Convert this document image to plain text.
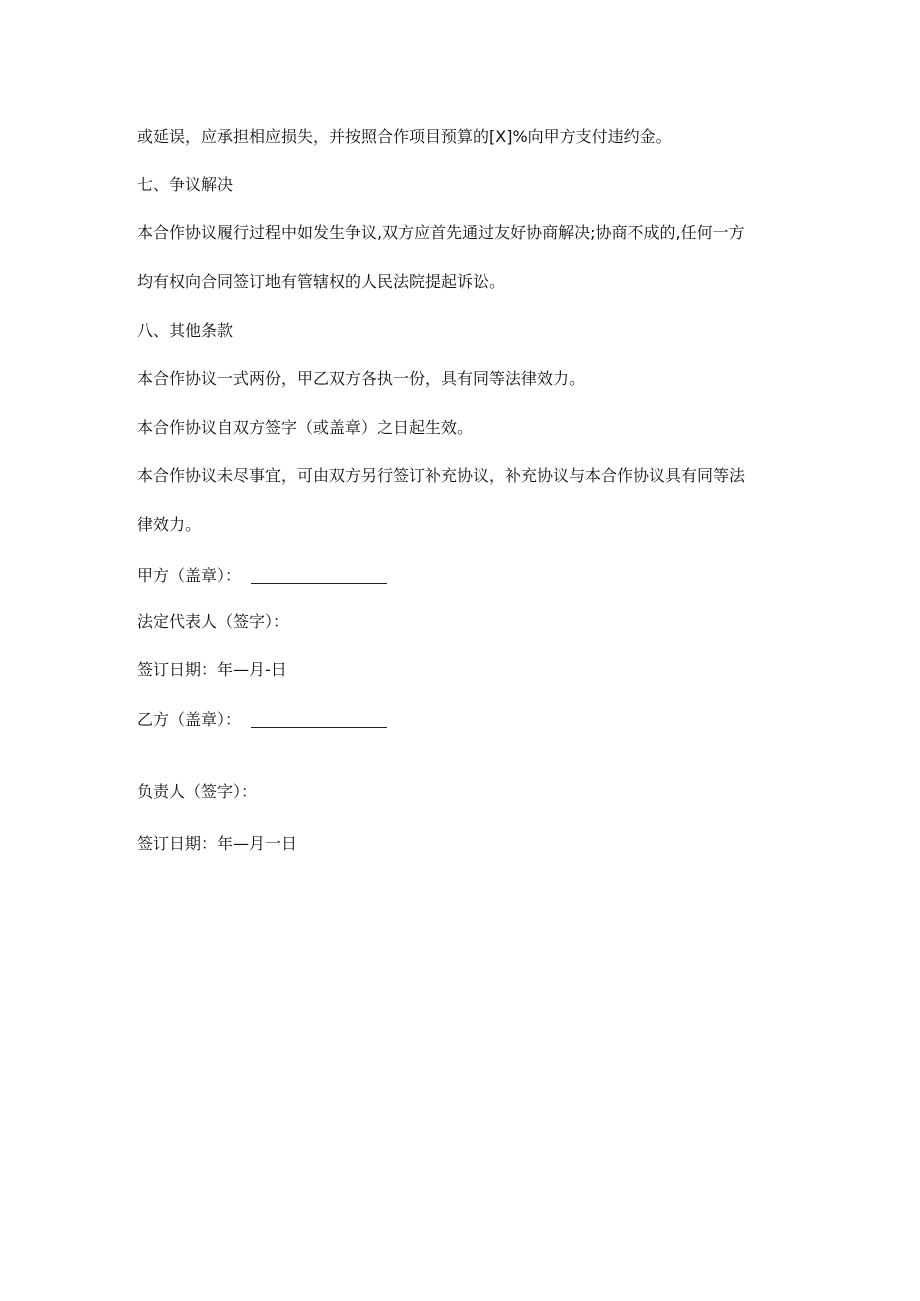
或延误，应承担相应损失，并按照合作项目预算的[X]%向甲方支付违约金。
七、争议解决
本合作协议履行过程中如发生争议,双方应首先通过友好协商解决;协商不成的,任何一方
均有权向合同签订地有管辖权的人民法院提起诉讼。
八、其他条款
本合作协议一式两份，甲乙双方各执一份，具有同等法律效力。
本合作协议自双方签字（或盖章）之日起生效。
本合作协议未尽事宜，可由双方另行签订补充协议，补充协议与本合作协议具有同等法
律效力。
甲方（盖章）：
法定代表人（签字）：
签订日期：年—月-日
乙方（盖章）：
负责人（签字）：
签订日期：年—月一日
